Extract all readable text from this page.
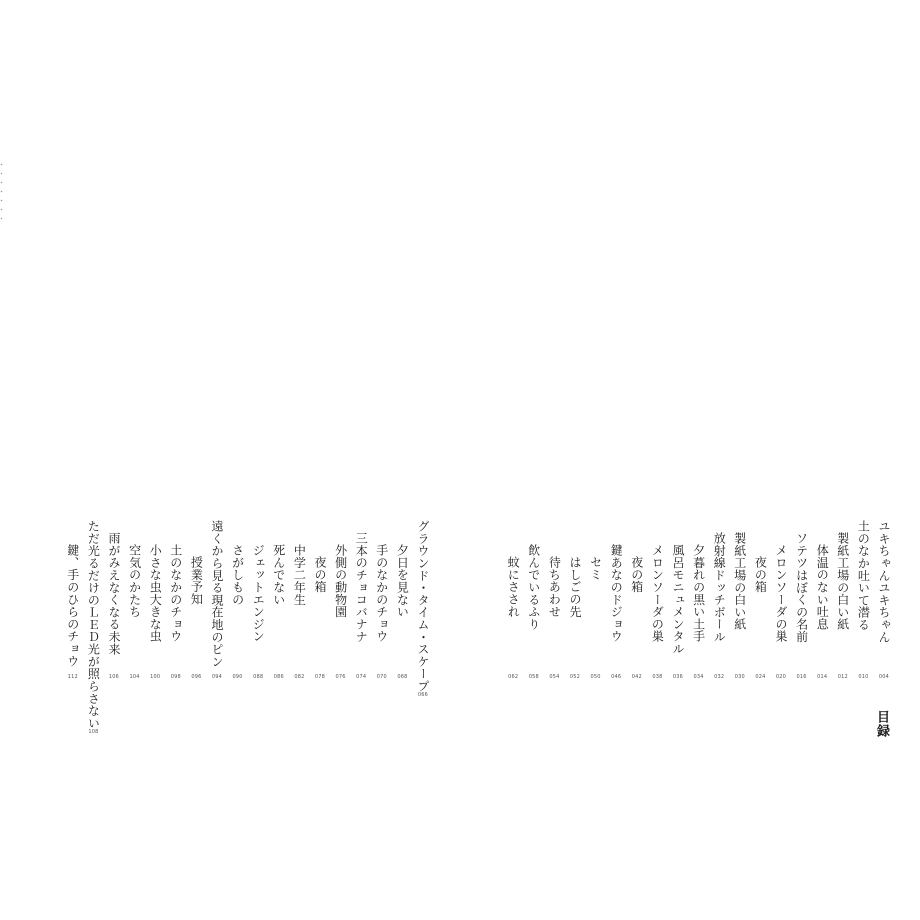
目録
ユキちゃんユキちゃん
004
土のなか吐いて潜る
010
製紙工場の白い紙
012
体温のない吐息
014
ソテツはぼくの名前
016
メロンソーダの巣
020
夜の箱
024
製紙工場の白い紙
030
放射線ドッチボール
032
夕暮れの黒い土手
034
風呂モニュメンタル
036
メロンソーダの巣
038
夜の箱
042
鍵あなのドジョウ
046
セミ
050
はしごの先
052
待ちあわせ
054
飲んでいるふり
058
蚊にさされ
062
グラウンド・タイム・スケープ
066
夕日を見ない
068
手のなかのチョウ
070
三本のチョコバナナ
074
外側の動物園
076
夜の箱
078
中学二年生
082
死んでない
086
ジェットエンジン
088
さがしもの
090
遠くから見る現在地のピン
094
授業予知
096
土のなかのチョウ
098
小さな虫大きな虫
100
空気のかたち
104
雨がみえなくなる未来
106
ただ光るだけのＬＥＤ光が照らさない
108
鍵、手のひらのチョウ
112
